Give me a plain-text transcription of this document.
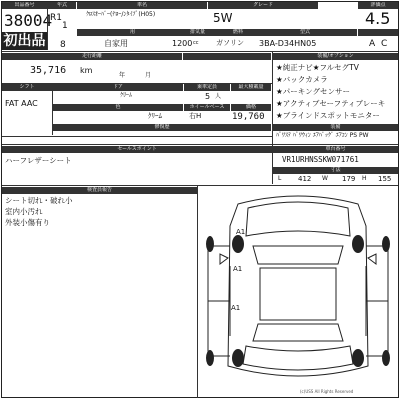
出品番号
38004
初出品
年式
R1
1
8
車名
ｸﾛｽｵｰﾊﾞｰ(ﾅﾛｰ/ﾝﾀｲﾌﾟ(H05)
グレード
5W
評価点
4.5
用	排気量	燃料	型式
自家用	1200 cc	ガソリン 3BA-D34HN05	A C
走行距離
35,716 km
年	月
シフト
FAT AAC
ドア	乗車定員	最大積載量
ｸﾘｰﾑ	5 人
色	ホイールベース	価格
ｸﾘｰﾑ	右H	19,760
修復歴
装備/オプション
★純正ナビ★フルセグTV
★バックカメラ
★パーキングセンサー
★アクティブセーフティブレーキ
★ブラインドスポットモニター
装備
ﾊﾟﾜｽﾃ ﾊﾟﾜｳｨﾝ ｴｱﾊﾞｯｸﾞ ｴｱｺﾝ PS PW
セールスポイント
ハーフレザーシート
車台番号
VR1URHNSSKW071761
寸法
L 412 W 179 H 155
検査員報告
シート切れ・破れ小
室内小汚れ
外装小傷有り
A1
A1
A1
(c)USS All Rights Reserved
